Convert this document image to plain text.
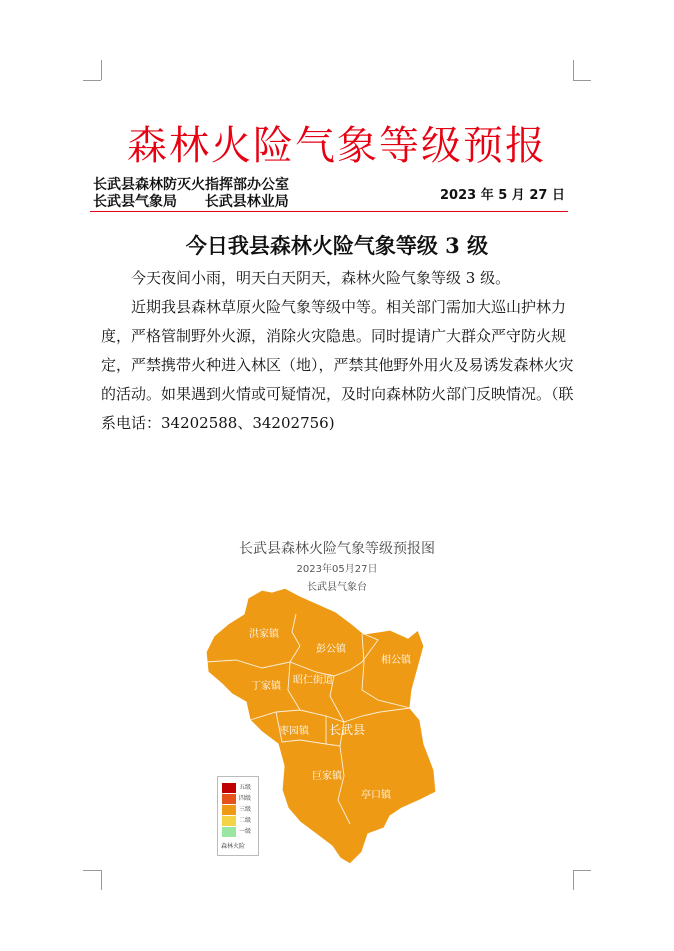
森林火险气象等级预报
长武县森林防灭火指挥部办公室
长武县气象局 长武县林业局	2023 年 5 月 27 日
今日我县森林火险气象等级 3 级

今天夜间小雨，明天白天阴天，森林火险气象等级 3 级。

近期我县森林草原火险气象等级中等。相关部门需加大巡山护林力度，严格管制野外火源，消除火灾隐患。同时提请广大群众严守防火规定，严禁携带火种进入林区（地），严禁其他野外用火及易诱发森林火灾的活动。如果遇到火情或可疑情况，及时向森林防火部门反映情况。（联系电话：34202588、34202756)

长武县森林火险气象等级预报图
2023年05月27日
长武县气象台
洪家镇
彭公镇
相公镇
丁家镇
昭仁街道
枣园镇 长武县
巨家镇
亭口镇
五级
四级
三级
二级
一级
森林火险
